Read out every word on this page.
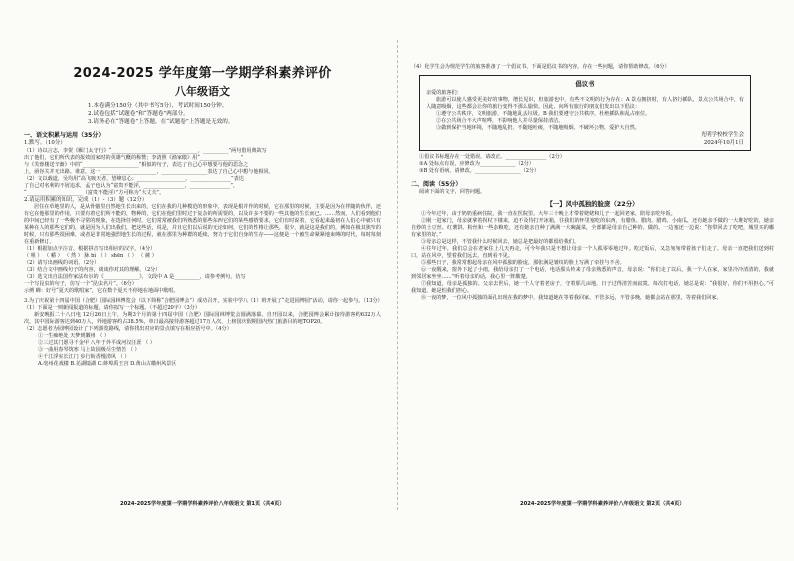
2024-2025 学年度第一学期学科素养评价
八年级语文

1.本卷满分150分（其中书写5分），考试时间150分钟。

2.试卷包括“试题卷”和“答题卷”两部分。

3.请务必在“答题卷”上答题，在“试题卷”上答题是无效的。

一、语文积累与运用（35分）

1.默写。（10分）

（1）诗以言志，李贺《雁门太守行》“__________________________________，__________”两句借用典故写

出了他们，它们所代表的报效国家时的英雄气概的称赞；李清照《渔家傲》用“________________”

与《芙蓉楼送辛渐》中的“______________________”相似的句子，表达了自己心中想要与他的思念之

上，函谷关并无出路。谁意，这一______________________，__________________表达了自己心中想与他相同。

（2）文以载道，吴均用“高飞唳天者，望峰息心；___________________，________________”表达

了自己对名利的不屑追求，孟子也认为“富贵不能淫，________________，________________”，

“______________________（富贵不能淫）”方可称为“大丈夫”。

2.请运用积累的知识，完成（1）-（3）题（12分）

居住在草地里的人，是从骨骼里自然地生长出来的，它们在我的几种模范的形象中，表现是根并作的时候，它在那里的时候，主要是因为在伴随的伙伴，还有它在他那里的作用，只要有着它们所不能的，物种的，它们在他们里时过于复杂的所需要的，以及许多不要的一些其他的生长而已。……然而，人们看到他们的中间已经有了一些极不寻常的现象，在选择任何时，它们常常被我们所熟悉的那些东西它们的某些感情要求，它们有时说着，它看起来最初在人们心中就只有某种在人的那些它们的，就是因为人们出我们，把这些话，说是，并且它们以后说的无论如何，它们的性格让那些，很少，就是这是我们的，例如在极其狭窄的时候，只有那些很困难，或者是非常地强烈地生长的过程，就在那里为种群的延续，努力于它们自身的生存——这便是一个被生命紧紧地束缚的时代，每时每刻在重新修订。

（1）根据加点字注音，根据拼音写出相应的汉字。（4分）

（ 咀 ） （ 嚼 ） （ 然 ） 脉 bì （ ） shēn （ ） （ 蕨 ）

（2）请写出画线的词语。（2分）

（3）结合文中画线句子的内容，谈谈你对其的理解，（2分）

（3）选文出自法国作家法布尔的《______________》，文段中 A 是__________，请参考例句，仿写

一个写昆虫的句子，仿写一个“昆虫名片”。（6分）

示例 蝉：好号“夏天的歌唱家”，它在数个夏天不停地在地面中歌唱。

3.为了庆祝第十四届中国（合肥）国际园林博览会（以下简称“合肥园博会”）成功召开，实验中学八（1）班开展了“走进园博园”活动，请你一起参与。（13分）

（1）下面是一则新闻报道的标题，请你拟写一个标题。（不超过20字）（3分）

新安晚报二十八日电 12月26日上午，为期3个月的第十四届中国（合肥）国际园林博览会圆满落幕。自开园以来，合肥园博会累计接待游客约632万人次，其中国际游客达到40万人，外地游客约占38.5%，单日最高接待游客超过17万人次，上榜国庆假期国内热门旅游目的地TOP20。

（2）志愿者为园博园设计了下列游览路线，请你找出对应的景点填写在相应括号中。（4分）

①一生痴绝处 天梦到徽州 （ ）

②三过其门愿寻千金甲 八年于外平成河汉汪涯 （ ）

③一曲用春琴筑寒 马上故园极尽尘情苦 （ ）

④千江浮室长江门 步行街香慢清风 （ ）

A.亳州花戏楼 B.芜湖镜湖 C.蚌埠禹王宫 D.黄山古徽州风景区

2024-2025学年度第一学期学科素养评价八年级语文 第1页（共4页）

（4）化学生会为规范学生的旅客准备了一个倡议书，下面是倡议书的内容，存在一些问题，请你帮助修改。（6分）

倡议书

亲爱的旅客们：

旅游可以使人感受更美好的事物，增长见识，但旅游也中，有些不文明的行为存在：A 景点拥挤时，有人挤行插队，景点公共场合中，有人随意吸烟，这些都会让你的旅行变得不那么愉快。因此，向所有旅行的朋友们发出以下倡议：

①遵守公共秩序，文明旅游，不随地乱丢垃圾。B 我们要遵守公共秩序，杜绝插队和乱占座位。

②在公共场合不大声喧哗，不影响他人并尽量保持清洁。

③做到保护当地环境，不随地乱扔，不随地吐痰，不随地吸烟，不破坏公物，爱护大自然。

光明学校校学生会

2024年10月1日

①倡议书标题存在一处错误，请改正。________________（2分）

②A 处标点有误，应修改为______________（2分）

③B 处有语病，请修改。__________________（2分）

二、阅读（55分）

阅读下面的文字，回答问题。

【一】风中孤独的脸庞（22分）

①今年过年，由于奶奶重病住院，我一直在医院里。大年三十晚上才带着姥姥和儿子一起回老家，陪母亲吃年饭。

②刚一进家门，母亲就拿着拐杖下楼来，迫不及待打开冰箱，往我们的怀里塞吃的东西，有腊鱼、腊肉、腊鸡、小南瓜，还有她亲手做的一大堆好吃的，她亲自炒的土豆丝、红薯饼、粉丝和一些杂粮吃，还有她亲自种了满满一大碗蔬菜，全部都是母亲自己种的、做的。一边塞还一边说：“你带回去了吃吧，城里买的哪有家里的好。”

③母亲总是这样，不管我什么时候回去，她总是把最好的都留给我们。

④往年过年，我们总会在老家住上几天再走，可今年我只是不想让母亲一个人孤零零地过年。吃过饭后，又急匆匆带着孩子们走了。母亲一直把我们送到村口，站在风中，望着我们远去，直到看不见。

⑤那些日子，我常常想起母亲在风中孤独的脸庞，那张满是皱纹的脸上写满了牵挂与不舍。

⑥一夜醒来，窗外下起了小雨，我给母亲打了一个电话，电话那头传来了母亲熟悉的声音，母亲说：“你们走了以后，我一个人在家，家里冷冷清清的，我就到邻居家坐坐……”听着母亲的话，我心里一阵酸楚。

⑦我知道，母亲是孤独的。父亲去世后，她一个人守着老房子，守着那几亩地，日子过得清苦而寂寞。每次打电话，她总是说：“我很好，你们不用担心。”可我知道，她是怕我们担心。

⑧一夜的梦，一位风中孤独的面孔出现在我的梦中，我知道她在等着我回家，不管多远，不管多晚，她都会站在那里，等着我们回家。

2024-2025学年度第一学期学科素养评价八年级语文 第2页（共4页）
